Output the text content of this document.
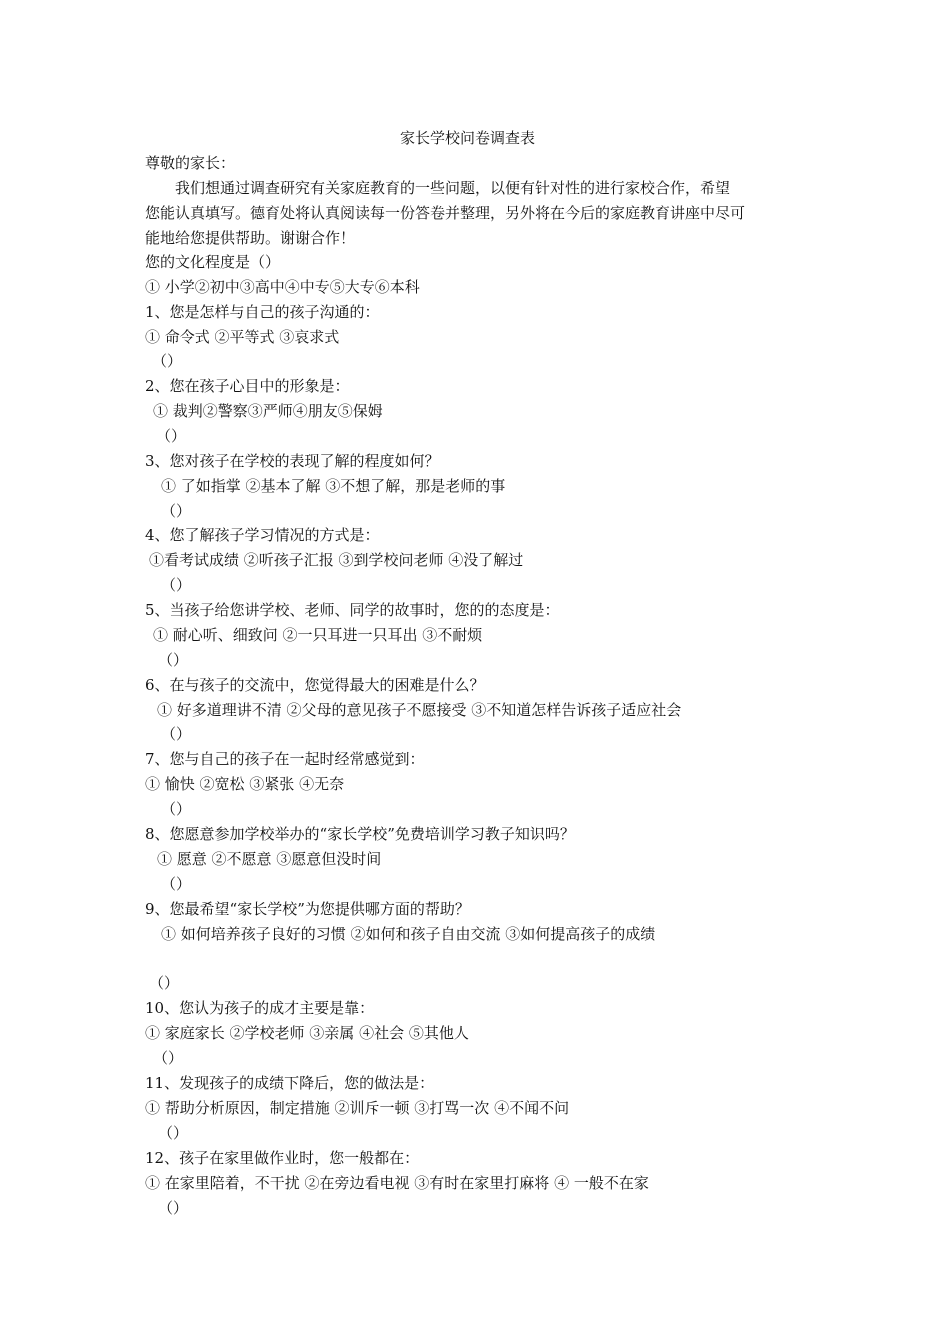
家长学校问卷调查表
尊敬的家长：
我们想通过调查研究有关家庭教育的一些问题，以便有针对性的进行家校合作，希望
您能认真填写。德育处将认真阅读每一份答卷并整理，另外将在今后的家庭教育讲座中尽可
能地给您提供帮助。谢谢合作！
您的文化程度是（）
① 小学②初中③高中④中专⑤大专⑥本科
1、您是怎样与自己的孩子沟通的：
① 命令式 ②平等式 ③哀求式
（）
2、您在孩子心目中的形象是：
① 裁判②警察③严师④朋友⑤保姆
（）
3、您对孩子在学校的表现了解的程度如何？
① 了如指掌 ②基本了解 ③不想了解，那是老师的事
（）
4、您了解孩子学习情况的方式是：
①看考试成绩 ②听孩子汇报 ③到学校问老师 ④没了解过
（）
5、当孩子给您讲学校、老师、同学的故事时，您的的态度是：
① 耐心听、细致问 ②一只耳进一只耳出 ③不耐烦
（）
6、在与孩子的交流中，您觉得最大的困难是什么？
① 好多道理讲不清 ②父母的意见孩子不愿接受 ③不知道怎样告诉孩子适应社会
（）
7、您与自己的孩子在一起时经常感觉到：
① 愉快 ②宽松 ③紧张 ④无奈
（）
8、您愿意参加学校举办的“家长学校”免费培训学习教子知识吗？
① 愿意 ②不愿意 ③愿意但没时间
（）
9、您最希望“家长学校”为您提供哪方面的帮助？
① 如何培养孩子良好的习惯 ②如何和孩子自由交流 ③如何提高孩子的成绩
（）
10、您认为孩子的成才主要是靠：
① 家庭家长 ②学校老师 ③亲属 ④社会 ⑤其他人
（）
11、发现孩子的成绩下降后，您的做法是：
① 帮助分析原因，制定措施 ②训斥一顿 ③打骂一次 ④不闻不问
（）
12、孩子在家里做作业时，您一般都在：
① 在家里陪着，不干扰 ②在旁边看电视 ③有时在家里打麻将 ④ 一般不在家
（）
